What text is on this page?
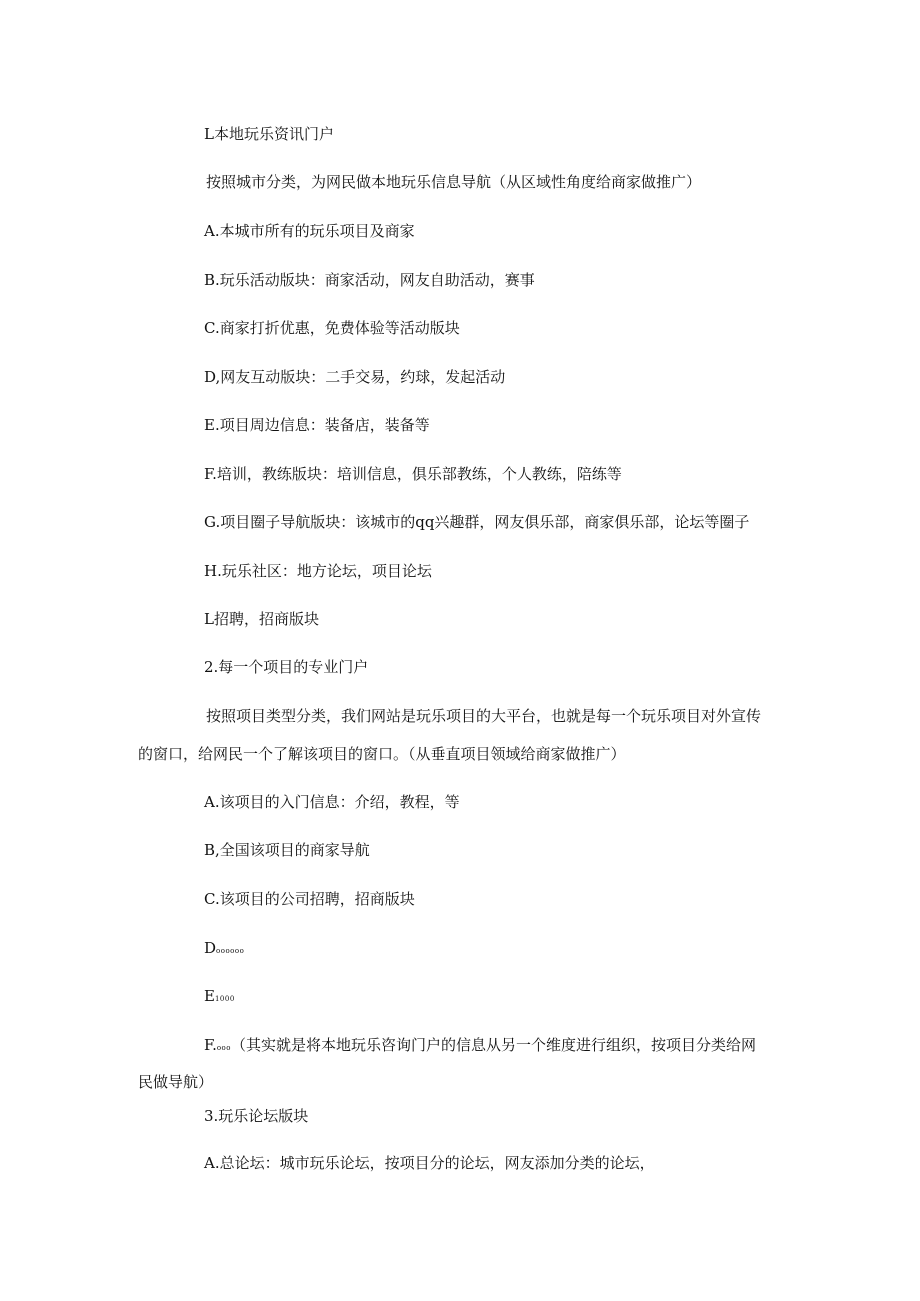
L本地玩乐资讯门户
按照城市分类，为网民做本地玩乐信息导航（从区域性角度给商家做推广）
A.本城市所有的玩乐项目及商家
B.玩乐活动版块：商家活动，网友自助活动，赛事
C.商家打折优惠，免费体验等活动版块
D,网友互动版块：二手交易，约球，发起活动
E.项目周边信息：装备店，装备等
F.培训，教练版块：培训信息，俱乐部教练，个人教练，陪练等
G.项目圈子导航版块：该城市的qq兴趣群，网友俱乐部，商家俱乐部，论坛等圈子
H.玩乐社区：地方论坛，项目论坛
L招聘，招商版块
2.每一个项目的专业门户
按照项目类型分类，我们网站是玩乐项目的大平台，也就是每一个玩乐项目对外宣传
的窗口，给网民一个了解该项目的窗口。（从垂直项目领域给商家做推广）
A.该项目的入门信息：介绍，教程，等
B,全国该项目的商家导航
C.该项目的公司招聘，招商版块
Doooooo
E1000
F.ooo（其实就是将本地玩乐咨询门户的信息从另一个维度进行组织，按项目分类给网
民做导航）
3.玩乐论坛版块
A.总论坛：城市玩乐论坛，按项目分的论坛，网友添加分类的论坛，
